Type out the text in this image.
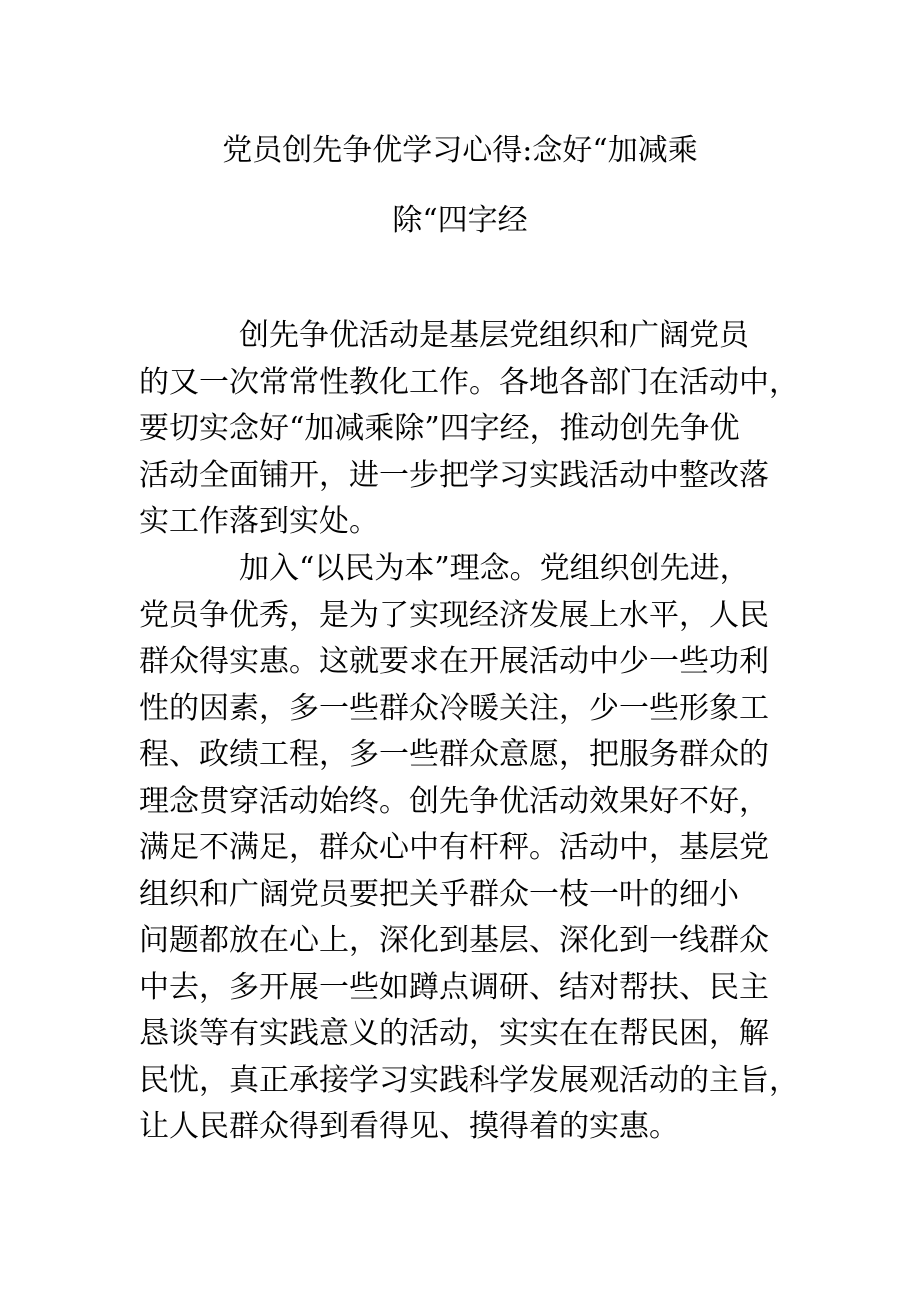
党员创先争优学习心得:念好“加减乘
除“四字经
创先争优活动是基层党组织和广阔党员
的又一次常常性教化工作。各地各部门在活动中，
要切实念好“加减乘除”四字经，推动创先争优
活动全面铺开，进一步把学习实践活动中整改落
实工作落到实处。
加入“以民为本”理念。党组织创先进，
党员争优秀，是为了实现经济发展上水平，人民
群众得实惠。这就要求在开展活动中少一些功利
性的因素，多一些群众冷暖关注，少一些形象工
程、政绩工程，多一些群众意愿，把服务群众的
理念贯穿活动始终。创先争优活动效果好不好，
满足不满足，群众心中有杆秤。活动中，基层党
组织和广阔党员要把关乎群众一枝一叶的细小
问题都放在心上，深化到基层、深化到一线群众
中去，多开展一些如蹲点调研、结对帮扶、民主
恳谈等有实践意义的活动，实实在在帮民困，解
民忧，真正承接学习实践科学发展观活动的主旨，
让人民群众得到看得见、摸得着的实惠。
